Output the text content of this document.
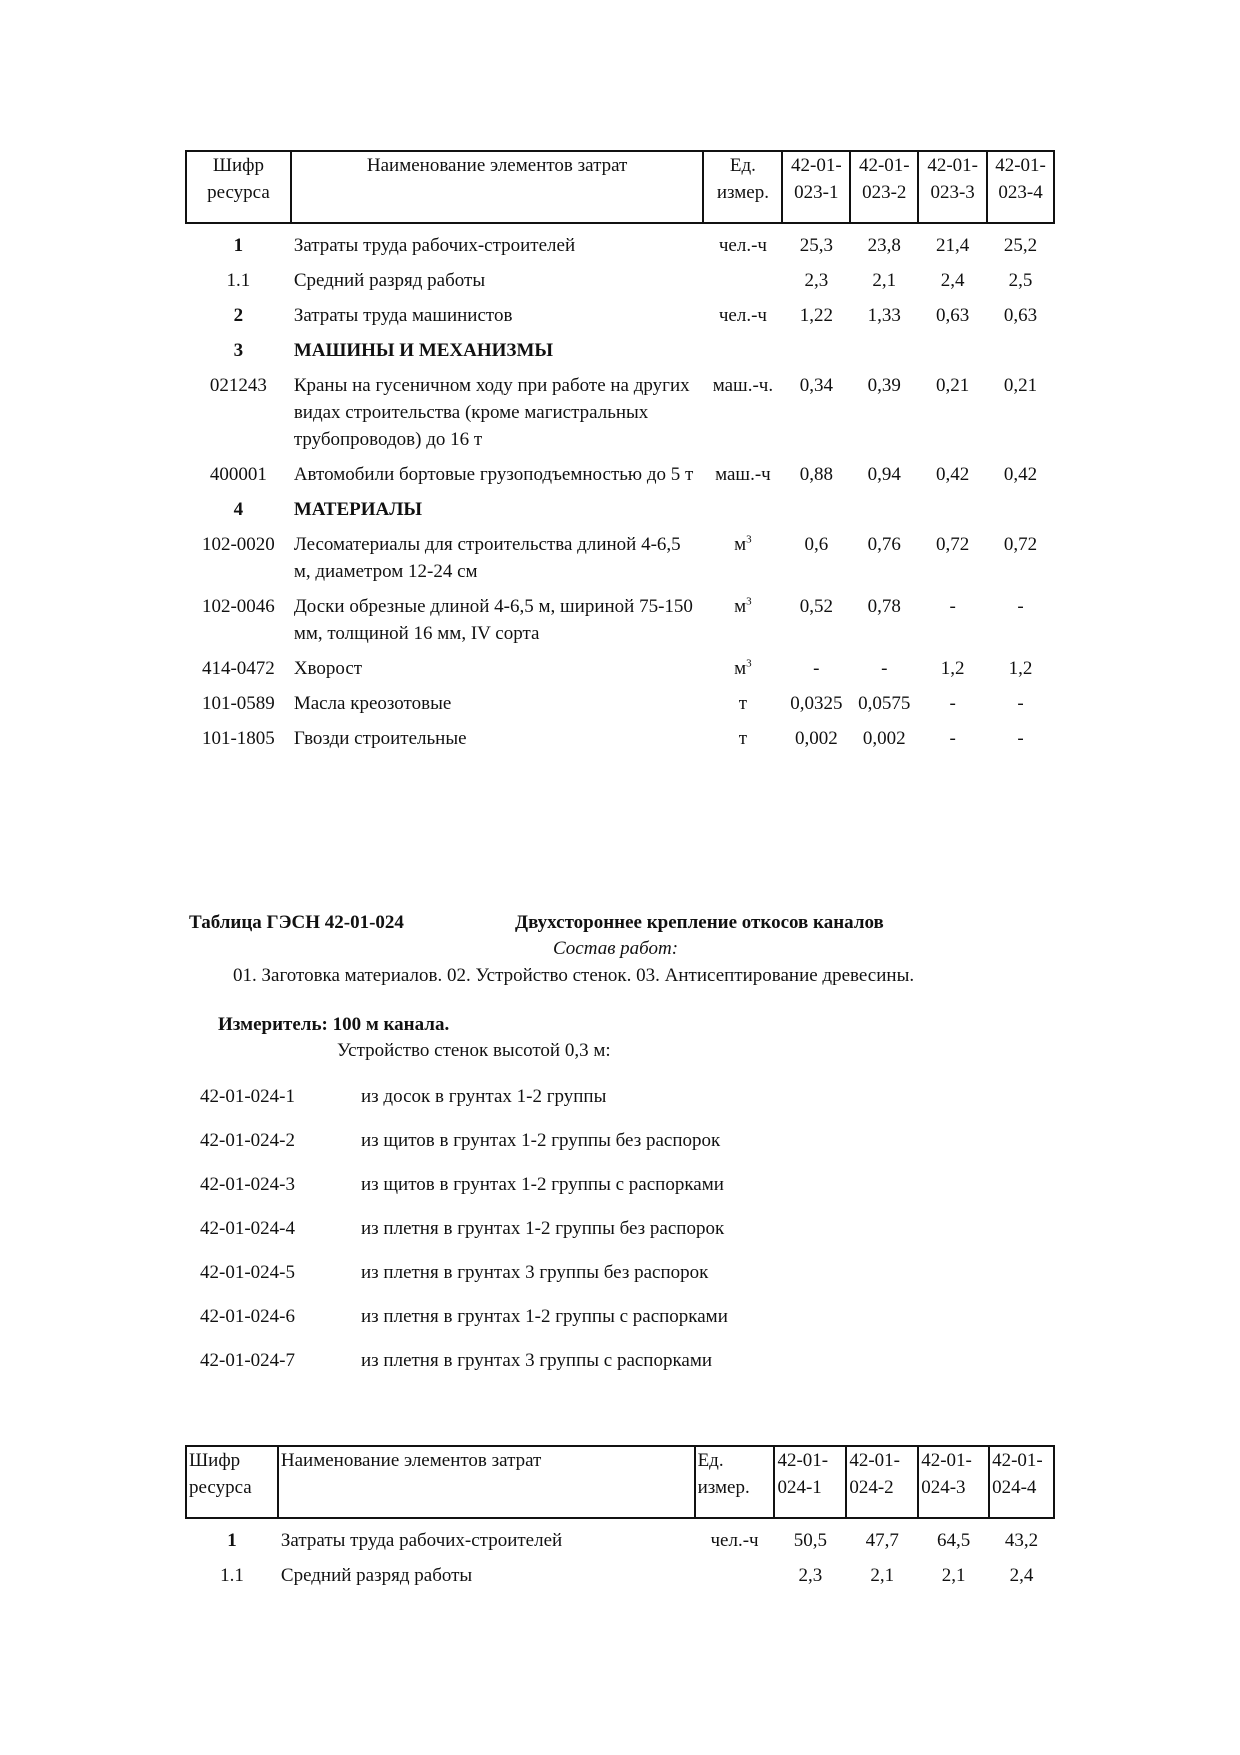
Шифр ресурса	Наименование элементов затрат	Ед. измер.	42-01-023-1	42-01-023-2	42-01-023-3	42-01-023-4
1	Затраты труда рабочих-строителей	чел.-ч	25,3	23,8	21,4	25,2
1.1	Средний разряд работы		2,3	2,1	2,4	2,5
2	Затраты труда машинистов	чел.-ч	1,22	1,33	0,63	0,63
3	МАШИНЫ И МЕХАНИЗМЫ					
021243	Краны на гусеничном ходу при работе на других видах строительства (кроме магистральных трубопроводов) до 16 т	маш.-ч.	0,34	0,39	0,21	0,21
400001	Автомобили бортовые грузоподъемностью до 5 т	маш.-ч	0,88	0,94	0,42	0,42
4	МАТЕРИАЛЫ					
102-0020	Лесоматериалы для строительства длиной 4-6,5 м, диаметром 12-24 см	$м^3$	0,6	0,76	0,72	0,72
102-0046	Доски обрезные длиной 4-6,5 м, шириной 75-150 мм, толщиной 16 мм, IV сорта	$м^3$	0,52	0,78	-	-
414-0472	Хворост	$м^3$	-	-	1,2	1,2
101-0589	Масла креозотовые	т	0,0325	0,0575	-	-
101-1805	Гвозди строительные	т	0,002	0,002	-	-
Таблица ГЭСН 42-01-024	Двухстороннее крепление откосов каналов
Состав работ:
01. Заготовка материалов. 02. Устройство стенок. 03. Антисептирование древесины.
Измеритель: 100 м канала.
Устройство стенок высотой 0,3 м:
42-01-024-1	из досок в грунтах 1-2 группы
42-01-024-2	из щитов в грунтах 1-2 группы без распорок
42-01-024-3	из щитов в грунтах 1-2 группы с распорками
42-01-024-4	из плетня в грунтах 1-2 группы без распорок
42-01-024-5	из плетня в грунтах 3 группы без распорок
42-01-024-6	из плетня в грунтах 1-2 группы с распорками
42-01-024-7	из плетня в грунтах 3 группы с распорками
Шифр ресурса	Наименование элементов затрат	Ед. измер.	42-01-024-1	42-01-024-2	42-01-024-3	42-01-024-4
1	Затраты труда рабочих-строителей	чел.-ч	50,5	47,7	64,5	43,2
1.1	Средний разряд работы		2,3	2,1	2,1	2,4
